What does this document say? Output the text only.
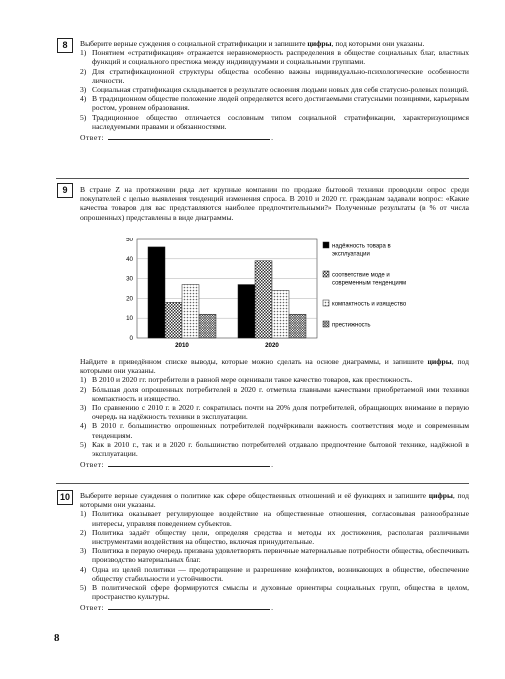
8	Выберите верные суждения о социальной стратификации и запишите цифры, под которыми они указаны.

1) Понятием «стратификация» отражается неравномерность распределения в обществе социальных благ, властных функций и социального престижа между индивидуумами и социальными группами.
2) Для стратификационной структуры общества особенно важны индивидуально-психологические особенности личности.
3) Социальная стратификация складывается в результате освоения людьми новых для себя статусно-ролевых позиций.
4) В традиционном обществе положение людей определяется всего достигаемыми статусными позициями, карьерным ростом, уровнем образования.
5) Традиционное общество отличается сословным типом социальной стратификации, характеризующимся наследуемыми правами и обязанностями.
Ответ:	.
9	В стране Z на протяжении ряда лет крупные компании по продаже бытовой техники проводили опрос среди покупателей с целью выявления тенденций изменения спроса. В 2010 и 2020 гг. гражданам задавали вопрос: «Какие качества товаров для вас представляются наиболее предпочтительными?» Полученные результаты (в % от числа опрошенных) представлены в виде диаграммы.

0
10
20
30
40
50
2010	2020
надёжность товара в эксплуатации
соответствие моде и современным тенденциям
компактность и изящество
престижность

Найдите в приведённом списке выводы, которые можно сделать на основе диаграммы, и запишите цифры, под которыми они указаны.

1) В 2010 и 2020 гг. потребители в равной мере оценивали такое качество товаров, как престижность.
2) Бóльшая доля опрошенных потребителей в 2020 г. отметила главными качествами приобретаемой ими техники компактность и изящество.
3) По сравнению с 2010 г. в 2020 г. сократилась почти на 20% доля потребителей, обращающих внимание в первую очередь на надёжность техники в эксплуатации.
4) В 2010 г. большинство опрошенных потребителей подчёркивали важность соответствия моде и современным тенденциям.
5) Как в 2010 г., так и в 2020 г. большинство потребителей отдавало предпочтение бытовой технике, надёжной в эксплуатации.
Ответ:	.
10	Выберите верные суждения о политике как сфере общественных отношений и её функциях и запишите цифры, под которыми они указаны.

1) Политика оказывает регулирующее воздействие на общественные отношения, согласовывая разнообразные интересы, управляя поведением субъектов.
2) Политика задаёт обществу цели, определяя средства и методы их достижения, располагая различными инструментами воздействия на общество, включая принудительные.
3) Политика в первую очередь призвана удовлетворять первичные материальные потребности общества, обеспечивать производство материальных благ.
4) Одна из целей политики — предотвращение и разрешение конфликтов, возникающих в обществе, обеспечение обществу стабильности и устойчивости.
5) В политической сфере формируются смыслы и духовные ориентиры социальных групп, общества в целом, пространство культуры.
Ответ:	.
8
